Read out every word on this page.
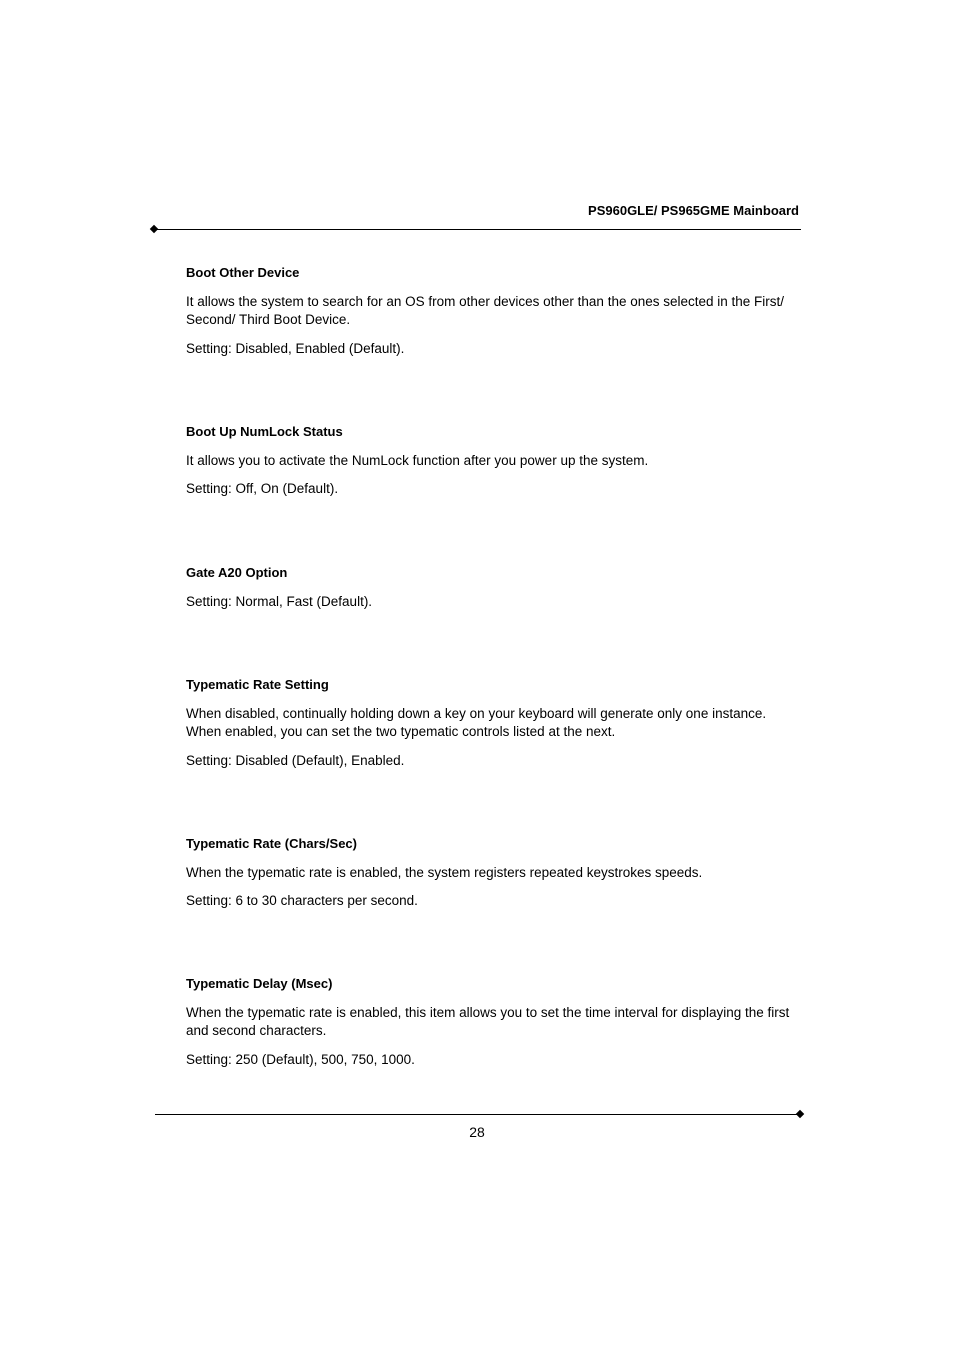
PS960GLE/ PS965GME Mainboard

Boot Other Device

It allows the system to search for an OS from other devices other than the ones selected in the First/ Second/ Third Boot Device.

Setting: Disabled, Enabled (Default).

Boot Up NumLock Status

It allows you to activate the NumLock function after you power up the system.

Setting: Off, On (Default).

Gate A20 Option

Setting: Normal, Fast (Default).

Typematic Rate Setting

When disabled, continually holding down a key on your keyboard will generate only one instance. When enabled, you can set the two typematic controls listed at the next.

Setting: Disabled (Default), Enabled.

Typematic Rate (Chars/Sec)

When the typematic rate is enabled, the system registers repeated keystrokes speeds.

Setting: 6 to 30 characters per second.

Typematic Delay (Msec)

When the typematic rate is enabled, this item allows you to set the time interval for displaying the first and second characters.

Setting: 250 (Default), 500, 750, 1000.

28
